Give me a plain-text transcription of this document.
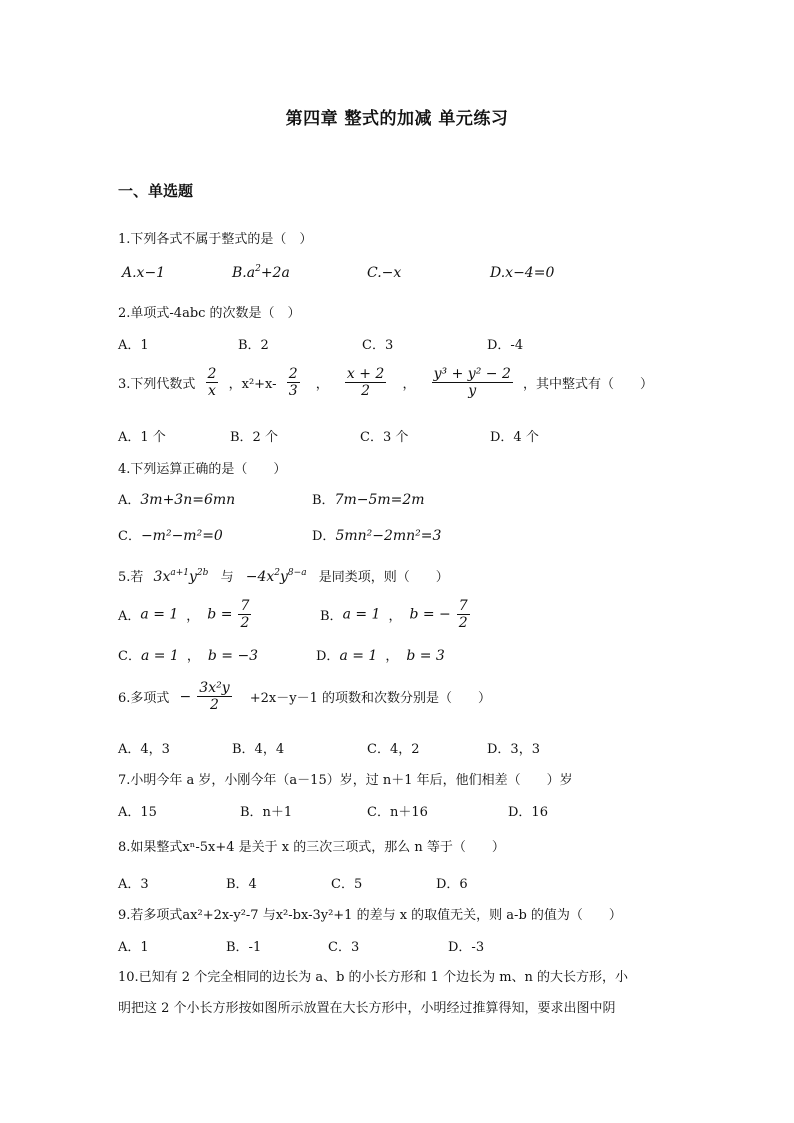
第四章 整式的加减 单元练习
一、单选题
1.下列各式不属于整式的是（　）
A.x−1	$B.a^2+2a$	C.−x	D.x−4=0
2.单项式-4abc 的次数是（　）
A．1	B．2	C．3	D．-4
3.下列代数式 $\frac{2}{x}$ ，$x^2+x- \frac{2}{3}$ ， $\frac{x + 2}{2}$ ， $\frac{\text{y³ + y² − 2}}{y}$ ，其中整式有（　　）
A．1 个	B．2 个	C．3 个	D．4 个
4.下列运算正确的是（　　）
A．3m+3n=6mn	B．7m−5m=2m
C．−m²−m²=0	D．5mn²−2mn²=3
5.若 $3x^{a+1}y^{2b}$ 与 $-4x^2y^{8-a}$ 是同类项，则（　　）
A．a = 1 ， $b = \frac{7}{2}$	B．a = 1 ， b = − $\frac{7}{2}$
C．a = 1 ， b = −3	D．a = 1 ， b = 3
6.多项式 − $\frac{\text{3x²y}}{2} +2x-y-1$ 的项数和次数分别是（　　）
A．4，3	B．4，4	C．4，2	D．3，3
7.小明今年 a 岁，小刚今年（a－15）岁，过 n＋1 年后，他们相差（　　）岁
A．15	B．n＋1	C．n＋16	D．16
8.如果整式xⁿ-5x+4 是关于 x 的三次三项式，那么 n 等于（　　）
A．3	B．4	C．5	D．6
9.若多项式ax²+2x-y²-7 与x²-bx-3y²+1 的差与 x 的取值无关，则 a-b 的值为（　　）
A．1	B．-1	C．3	D．-3
10.已知有 2 个完全相同的边长为 a、b 的小长方形和 1 个边长为 m、n 的大长方形，小
明把这 2 个小长方形按如图所示放置在大长方形中，小明经过推算得知，要求出图中阴
